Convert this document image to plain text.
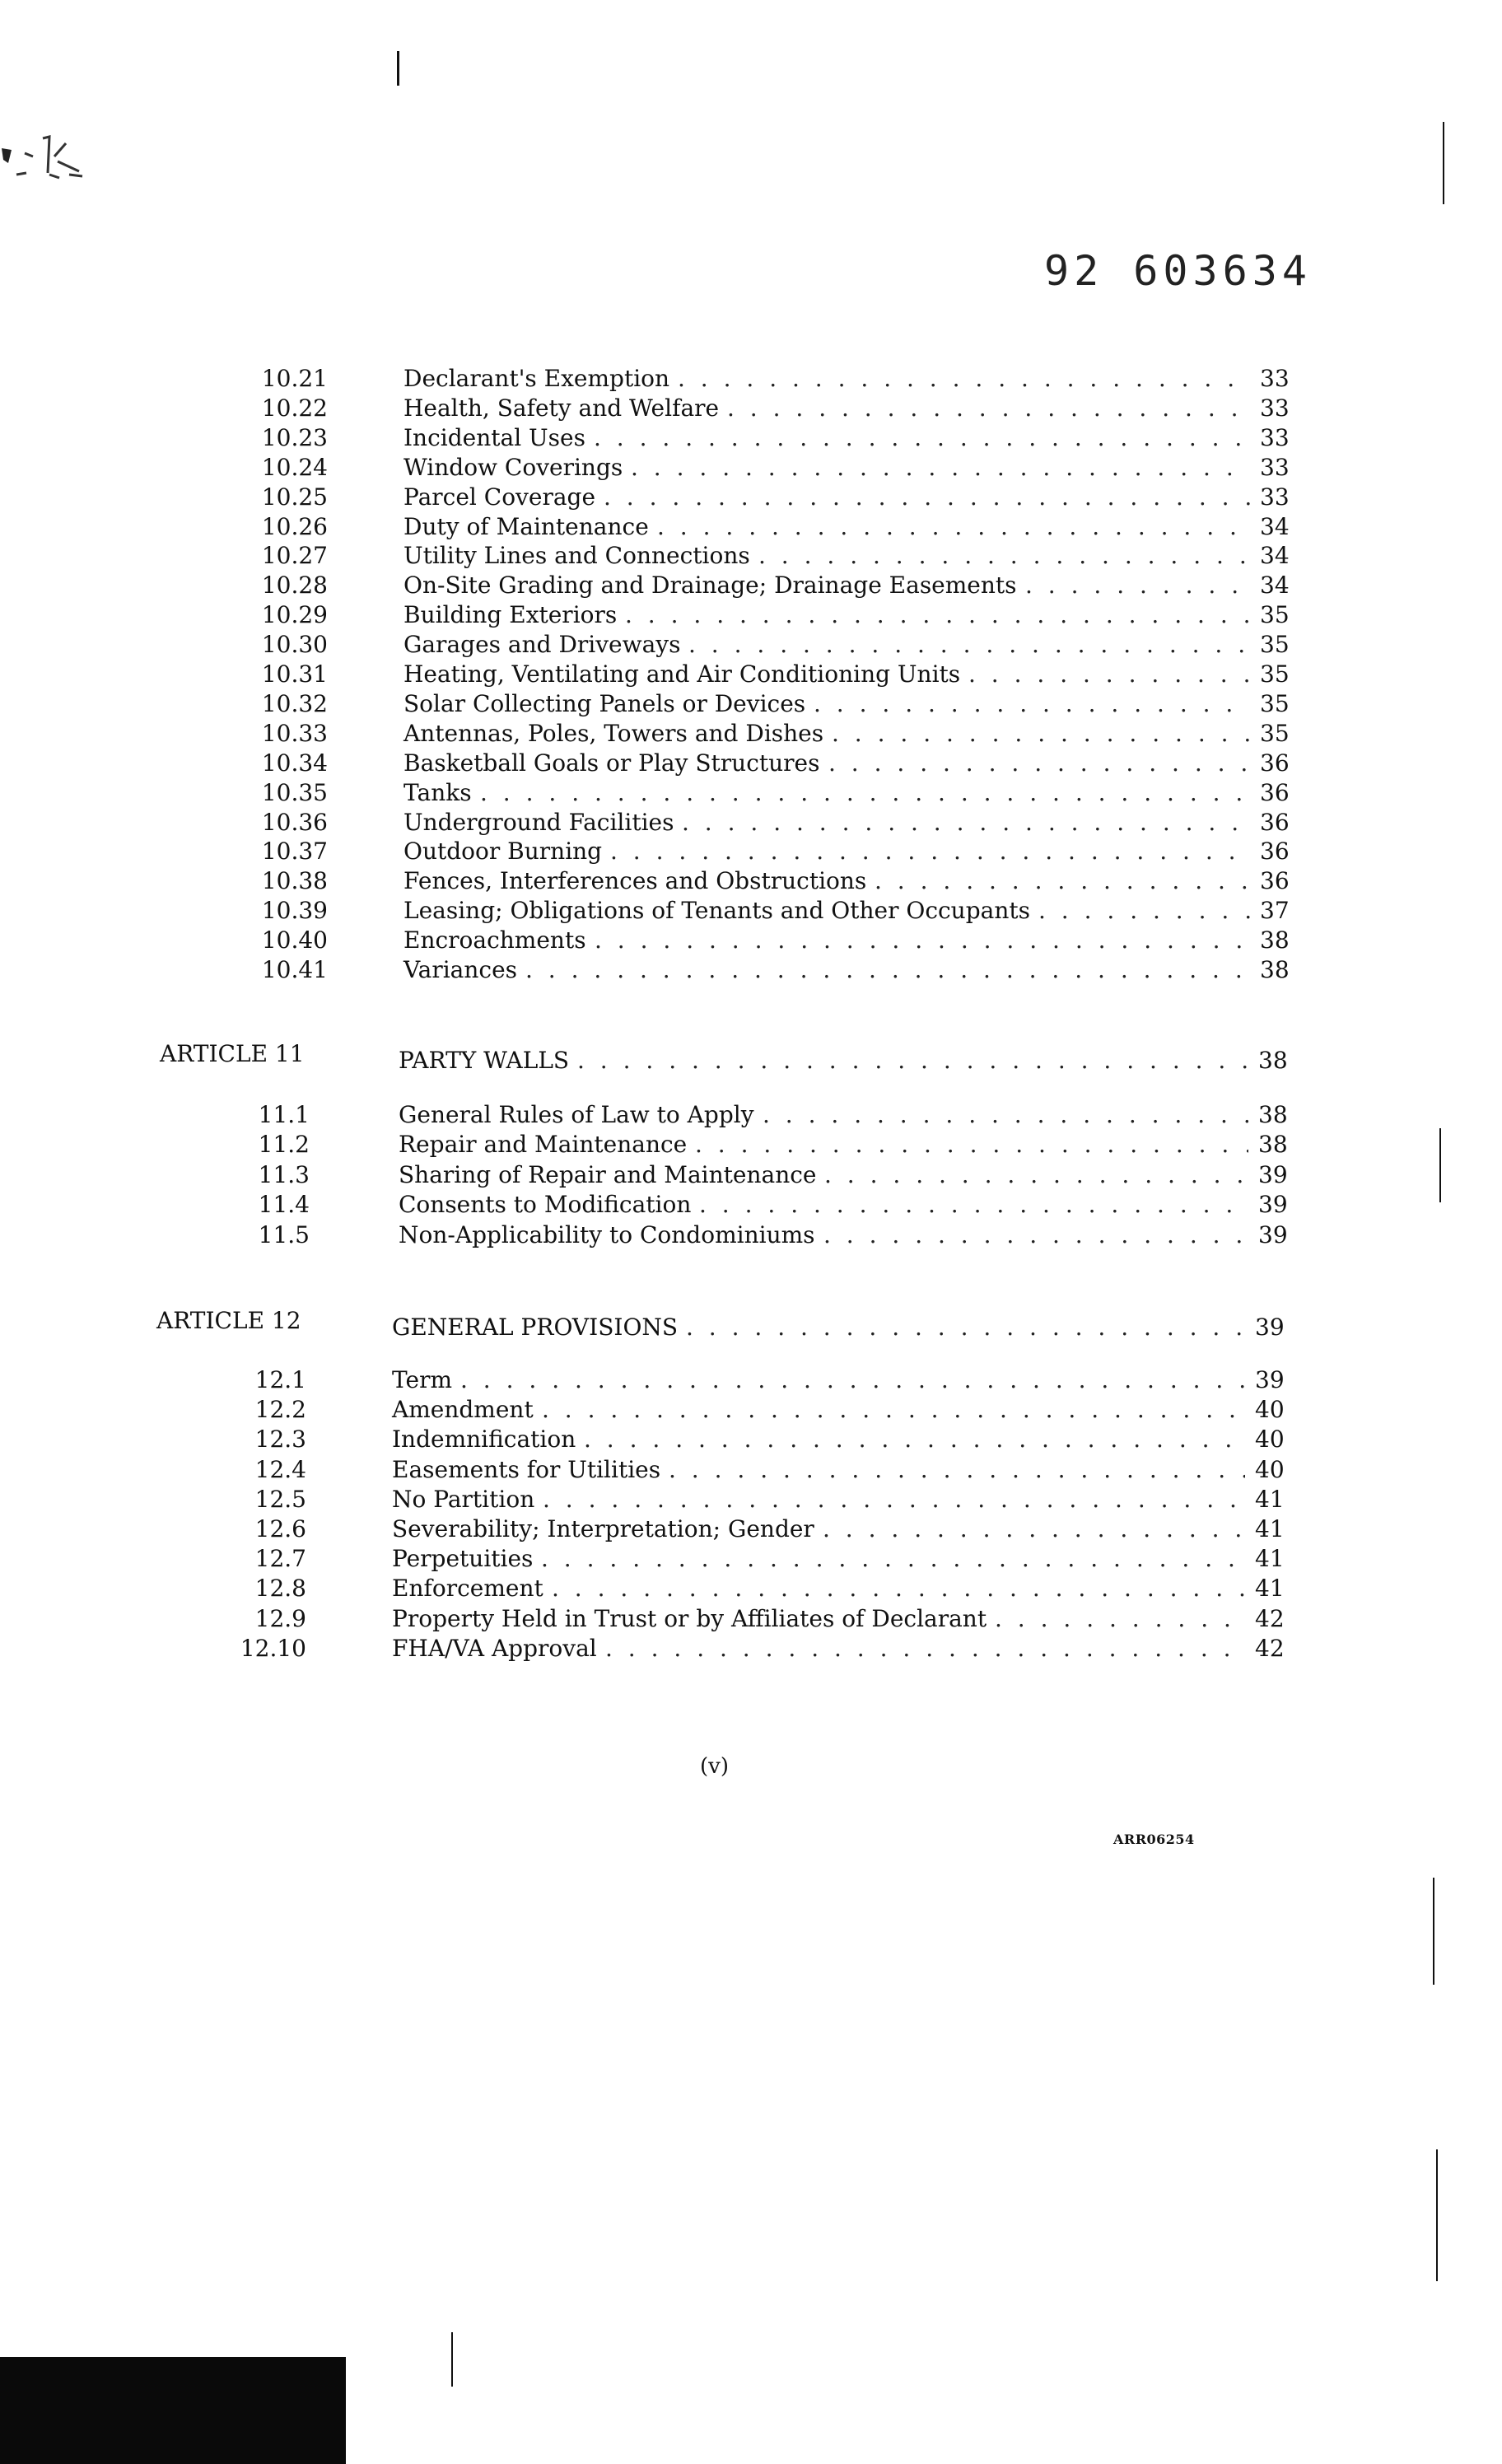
92 603634
10.21	Declarant's Exemption . . .	33
10.22	Health, Safety and Welfare . . .	33
10.23	Incidental Uses . . .	33
10.24	Window Coverings . . .	33
10.25	Parcel Coverage . . .	33
10.26	Duty of Maintenance . . .	34
10.27	Utility Lines and Connections . . .	34
10.28	On-Site Grading and Drainage; Drainage Easements . . .	34
10.29	Building Exteriors . . .	35
10.30	Garages and Driveways . . .	35
10.31	Heating, Ventilating and Air Conditioning Units . . .	35
10.32	Solar Collecting Panels or Devices . . .	35
10.33	Antennas, Poles, Towers and Dishes . . .	35
10.34	Basketball Goals or Play Structures . . .	36
10.35	Tanks . . .	36
10.36	Underground Facilities . . .	36
10.37	Outdoor Burning . . .	36
10.38	Fences, Interferences and Obstructions . . .	36
10.39	Leasing; Obligations of Tenants and Other Occupants . . .	37
10.40	Encroachments . . .	38
10.41	Variances . . .	38
ARTICLE 11	PARTY WALLS . . .	38
11.1	General Rules of Law to Apply . . .	38
11.2	Repair and Maintenance . . .	38
11.3	Sharing of Repair and Maintenance . . .	39
11.4	Consents to Modification . . .	39
11.5	Non-Applicability to Condominiums . . .	39
ARTICLE 12	GENERAL PROVISIONS . . .	39
12.1	Term . . .	39
12.2	Amendment . . .	40
12.3	Indemnification . . .	40
12.4	Easements for Utilities . . .	40
12.5	No Partition . . .	41
12.6	Severability; Interpretation; Gender . . .	41
12.7	Perpetuities . . .	41
12.8	Enforcement . . .	41
12.9	Property Held in Trust or by Affiliates of Declarant . . .	42
12.10	FHA/VA Approval . . .	42
(v)
ARR06254
